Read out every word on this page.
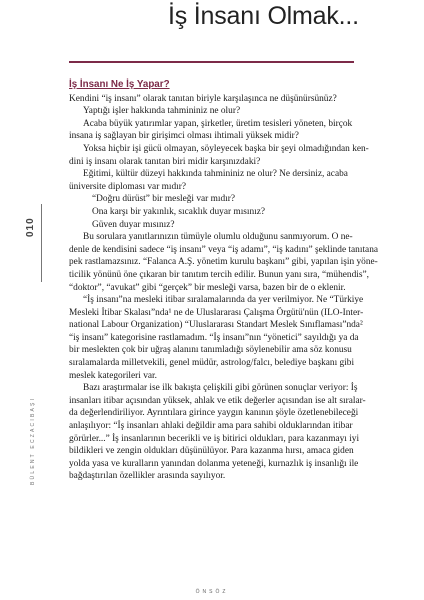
İş İnsanı Olmak...
010
BÜLENT ECZACIBAŞI
İş İnsanı Ne İş Yapar?

Kendini “iş insanı” olarak tanıtan biriyle karşılaşınca ne düşünürsünüz?

Yaptığı işler hakkında tahmininiz ne olur?

Acaba büyük yatırımlar yapan, şirketler, üretim tesisleri yöneten, birçok

insana iş sağlayan bir girişimci olması ihtimali yüksek midir?

Yoksa hiçbir işi gücü olmayan, söyleyecek başka bir şeyi olmadığından ken-

dini iş insanı olarak tanıtan biri midir karşınızdaki?

Eğitimi, kültür düzeyi hakkında tahmininiz ne olur? Ne dersiniz, acaba

üniversite diploması var mıdır?

“Doğru dürüst” bir mesleği var mıdır?

Ona karşı bir yakınlık, sıcaklık duyar mısınız?

Güven duyar mısınız?

Bu sorulara yanıtlarınızın tümüyle olumlu olduğunu sanmıyorum. O ne-

denle de kendisini sadece “iş insanı” veya “iş adamı”, “iş kadını” şeklinde tanıtana

pek rastlamazsınız. “Falanca A.Ş. yönetim kurulu başkanı” gibi, yapılan işin yöne-

ticilik yönünü öne çıkaran bir tanıtım tercih edilir. Bunun yanı sıra, “mühendis”,

“doktor”, “avukat” gibi “gerçek” bir mesleği varsa, bazen bir de o eklenir.

“İş insanı”na mesleki itibar sıralamalarında da yer verilmiyor. Ne “Türkiye

Mesleki İtibar Skalası”nda¹ ne de Uluslararası Çalışma Örgütü'nün (ILO-Inter-

national Labour Organization) “Uluslararası Standart Meslek Sınıflaması”nda²

“iş insanı” kategorisine rastlamadım. “İş insanı”nın “yönetici” sayıldığı ya da

bir meslekten çok bir uğraş alanını tanımladığı söylenebilir ama söz konusu

sıralamalarda milletvekili, genel müdür, astrolog/falcı, belediye başkanı gibi

meslek kategorileri var.

Bazı araştırmalar ise ilk bakışta çelişkili gibi görünen sonuçlar veriyor: İş

insanları itibar açısından yüksek, ahlak ve etik değerler açısından ise alt sıralar-

da değerlendiriliyor. Ayrıntılara girince yaygın kanının şöyle özetlenebileceği

anlaşılıyor: “İş insanları ahlaki değildir ama para sahibi olduklarından itibar

görürler...” İş insanlarının becerikli ve iş bitirici oldukları, para kazanmayı iyi

bildikleri ve zengin oldukları düşünülüyor. Para kazanma hırsı, amaca giden

yolda yasa ve kuralların yanından dolanma yeteneği, kurnazlık iş insanlığı ile

bağdaştırılan özellikler arasında sayılıyor.

ÖNSÖZ
